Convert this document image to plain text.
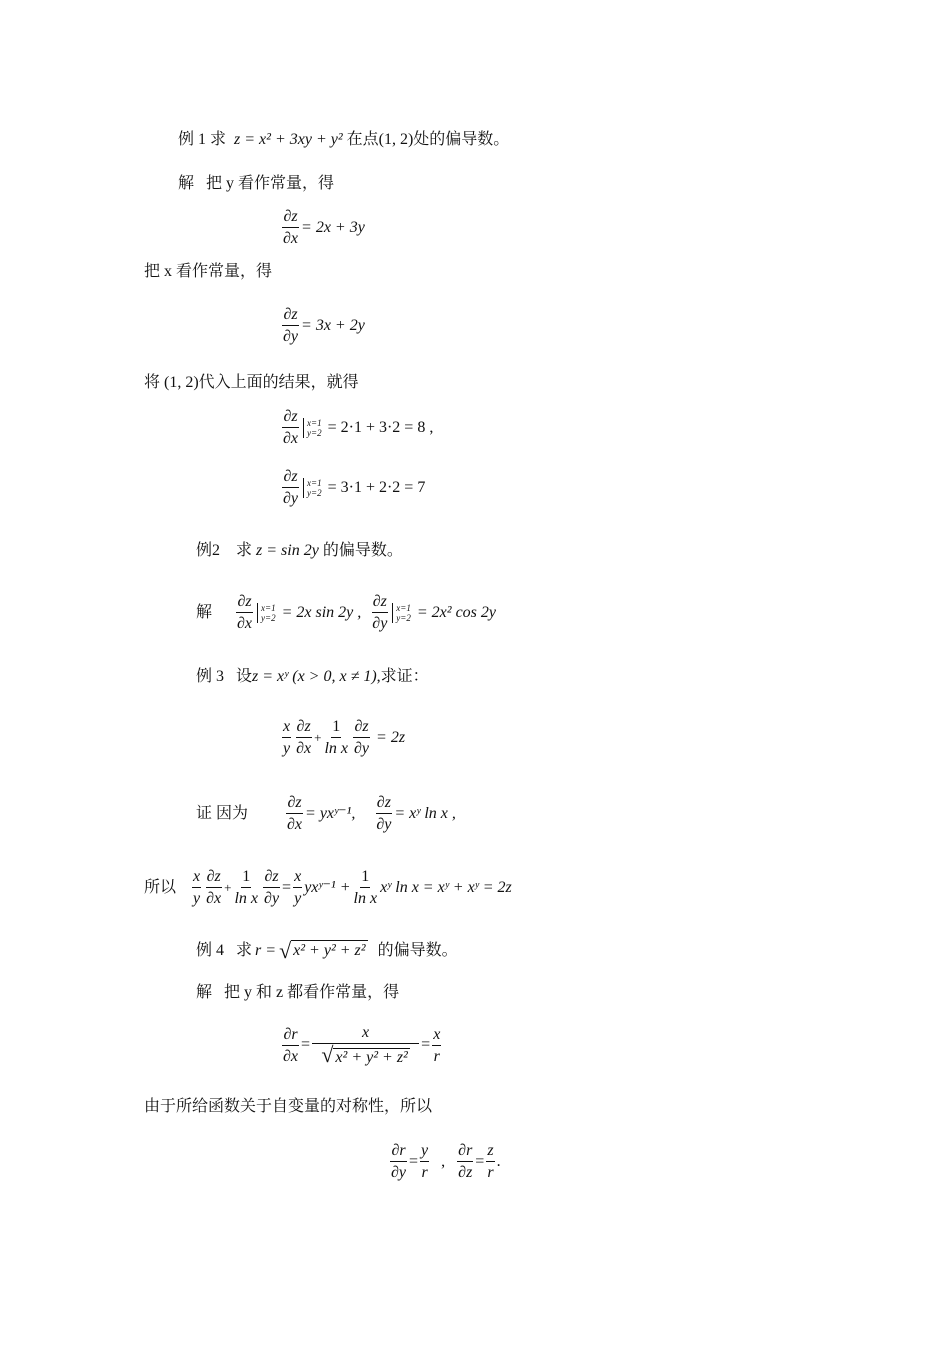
例 1 求 z = x² + 3xy + y² 在点(1, 2)处的偏导数。
解 把 y 看作常量，得
$\frac{\partial z}{\partial x} = 2x + 3y$
把 x 看作常量，得
$\frac{\partial z}{\partial y} = 3x + 2y$
将 (1, 2)代入上面的结果，就得
$\frac{\partial z}{\partial x} x=1$
y=2 = 2·1 + 3·2 = 8 ,
$\frac{\partial z}{\partial y} x=1$
y=2 = 3·1 + 2·2 = 7
例2 求 z = sin 2y 的偏导数。
解 $\frac{\partial z}{\partial x} x=1$
y=2 = 2x sin 2y , $\frac{\partial z}{\partial y} x=1$
y=2 = 2x² cos 2y
例 3 设z = xʸ (x > 0, x ≠ 1),求证：
$\frac{x}{y} \frac{\partial z}{\partial x} + \frac{1}{\text{ln x}} \frac{\partial z}{\partial y} = 2z$
证 因为 $\frac{\partial z}{\partial x}$ = yxʸ⁻¹, $\frac{\partial z}{\partial y}$ = xʸ ln x ,
所以 $\frac{x}{y} \frac{\partial z}{\partial x} + \frac{1}{\text{ln x}} \frac{\partial z}{\partial y} = \frac{x}{y}$ yxʸ⁻¹ + $\frac{1}{\text{ln x}}$ xʸ ln x = xʸ + xʸ = 2z
例 4
求 r = √ x² + y² + z² 的偏导数。
解 把 y 和 z 都看作常量，得
$\frac{\partial r}{\partial x} = \frac{x}{\text{√ x² + y² + z²}} = \frac{x}{r}$
由于所给函数关于自变量的对称性，所以
$\frac{\partial r}{\partial y} = \frac{y}{r}$ , $\frac{\partial r}{\partial z} = \frac{z}{r}$ .
